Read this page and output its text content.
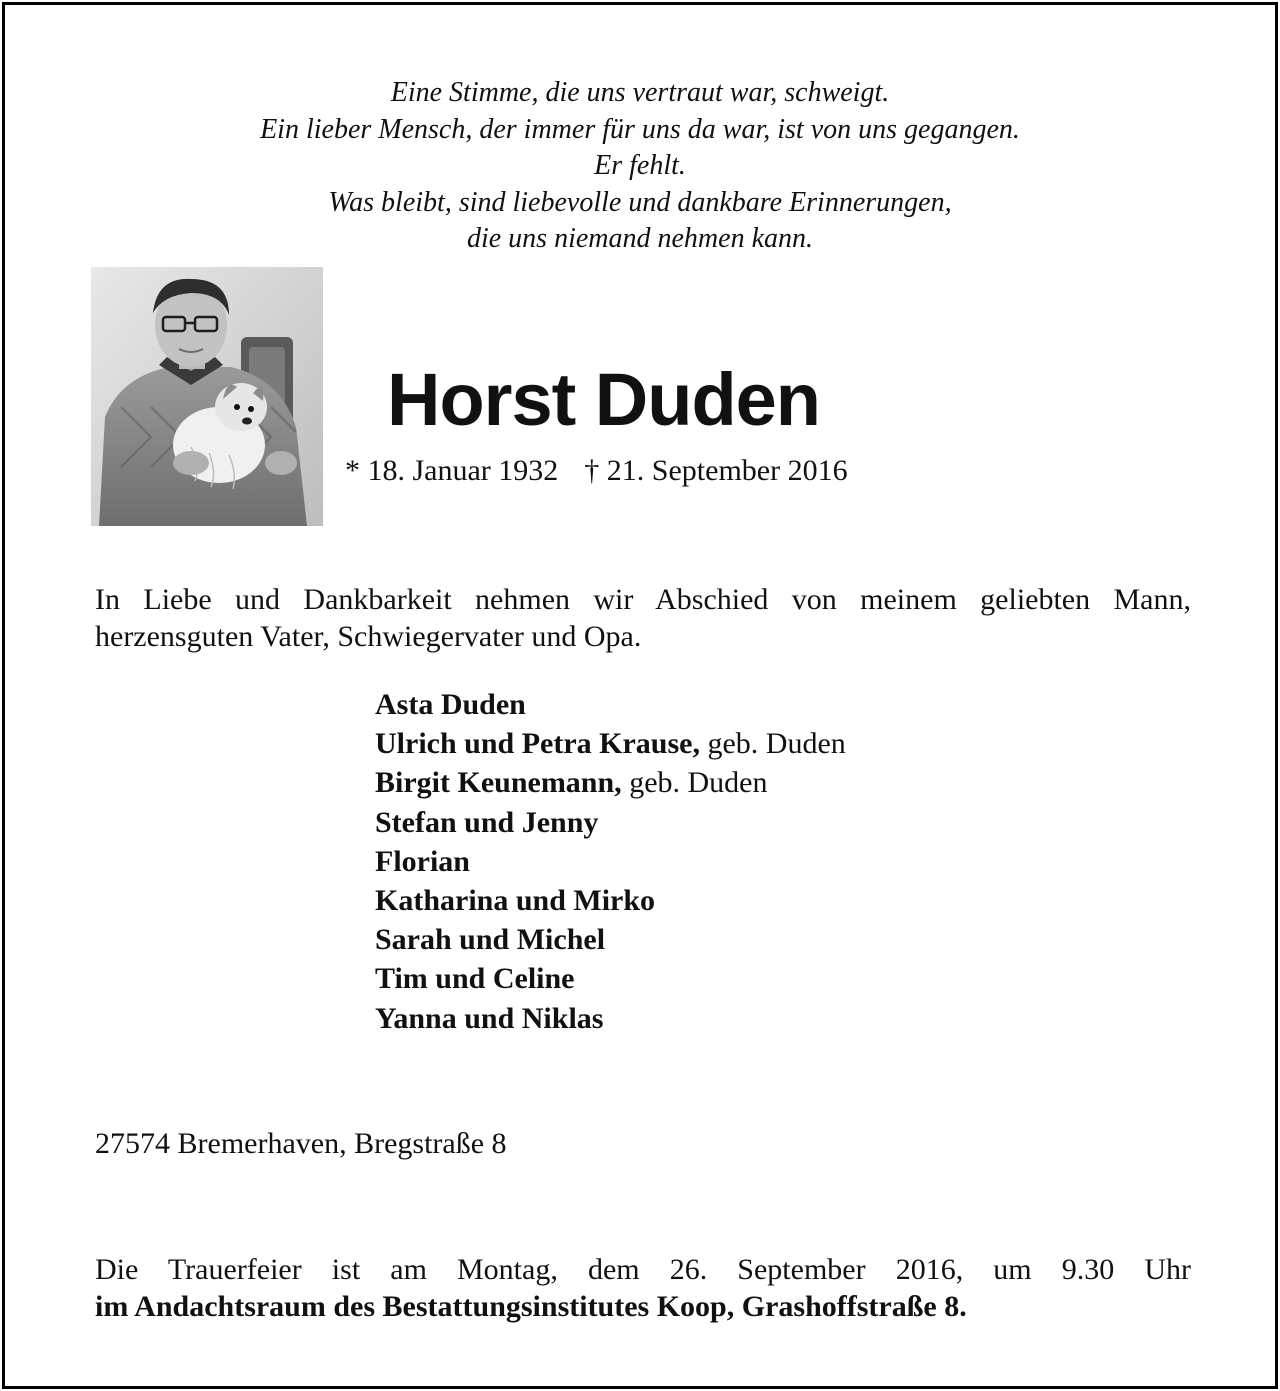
Eine Stimme, die uns vertraut war, schweigt.
Ein lieber Mensch, der immer für uns da war, ist von uns gegangen.
Er fehlt.
Was bleibt, sind liebevolle und dankbare Erinnerungen,
die uns niemand nehmen kann.
Horst Duden
* 18. Januar 1932 † 21. September 2016
In Liebe und Dankbarkeit nehmen wir Abschied von meinem geliebten Mann, herzensguten Vater, Schwiegervater und Opa.
Asta Duden
Ulrich und Petra Krause, geb. Duden
Birgit Keunemann, geb. Duden
Stefan und Jenny
Florian
Katharina und Mirko
Sarah und Michel
Tim und Celine
Yanna und Niklas
27574 Bremerhaven, Bregstraße 8
Die Trauerfeier ist am Montag, dem 26. September 2016, um 9.30 Uhr
im Andachtsraum des Bestattungsinstitutes Koop, Grashoffstraße 8.
